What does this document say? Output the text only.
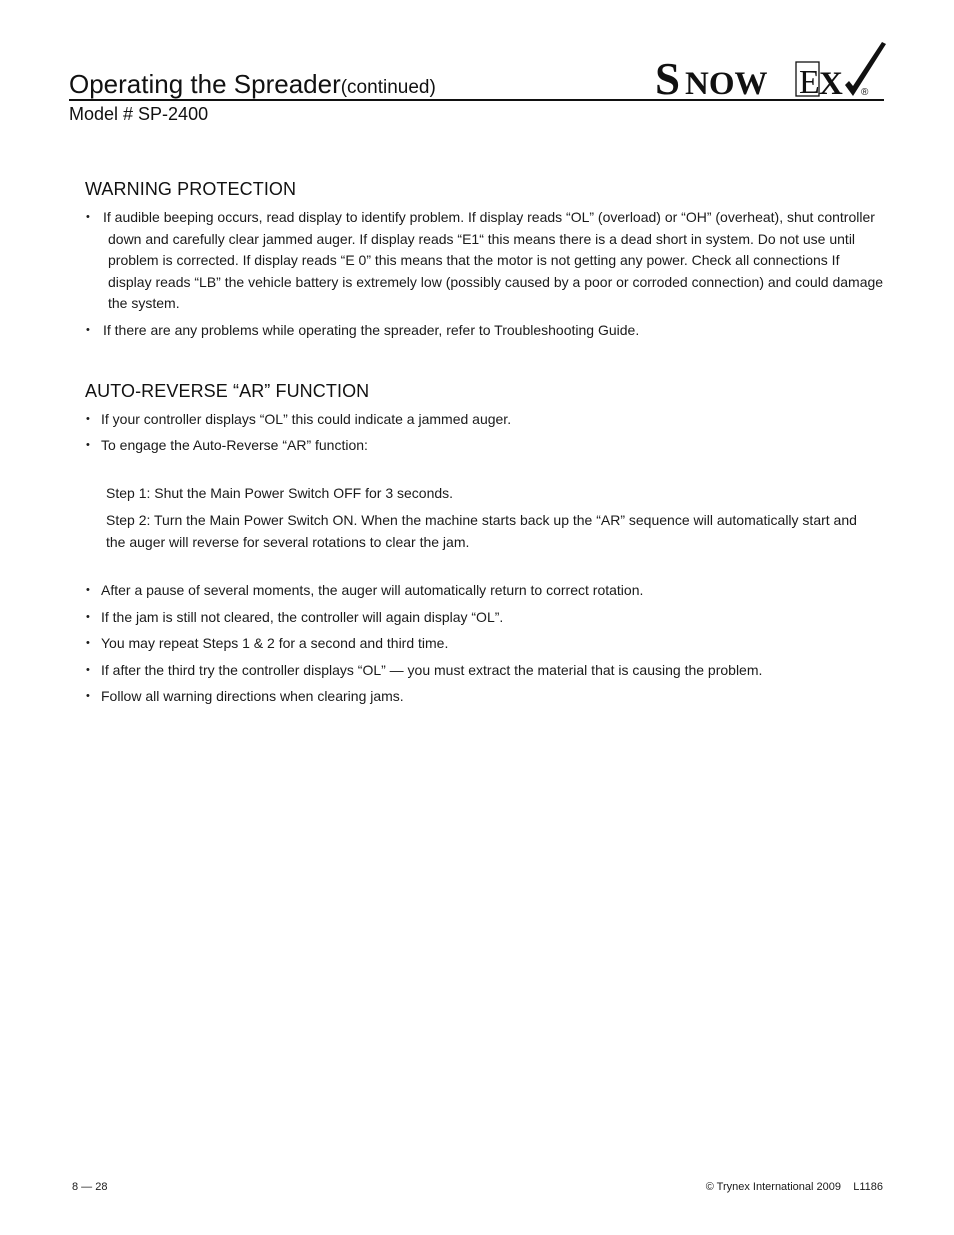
Operating the Spreader(continued)
Model # SP-2400
S NOW E X ®
WARNING PROTECTION
• If audible beeping occurs, read display to identify problem. If display reads “OL” (overload) or “OH” (overheat), shut controller down and carefully clear jammed auger. If display reads “E1“ this means there is a dead short in system. Do not use until problem is corrected. If display reads “E 0” this means that the motor is not getting any power. Check all connections If display reads “LB” the vehicle battery is extremely low (possibly caused by a poor or corroded connection) and could damage the system.
• If there are any problems while operating the spreader, refer to Troubleshooting Guide.
AUTO-REVERSE “AR” FUNCTION
• If your controller displays “OL” this could indicate a jammed auger.
• To engage the Auto-Reverse “AR” function:
Step 1: Shut the Main Power Switch OFF for 3 seconds.
Step 2: Turn the Main Power Switch ON. When the machine starts back up the “AR” sequence will automatically start and the auger will reverse for several rotations to clear the jam.
• After a pause of several moments, the auger will automatically return to correct rotation.
• If the jam is still not cleared, the controller will again display “OL”.
• You may repeat Steps 1 & 2 for a second and third time.
• If after the third try the controller displays “OL” — you must extract the material that is causing the problem.
• Follow all warning directions when clearing jams.
8 — 28	© Trynex International 2009    L1186
